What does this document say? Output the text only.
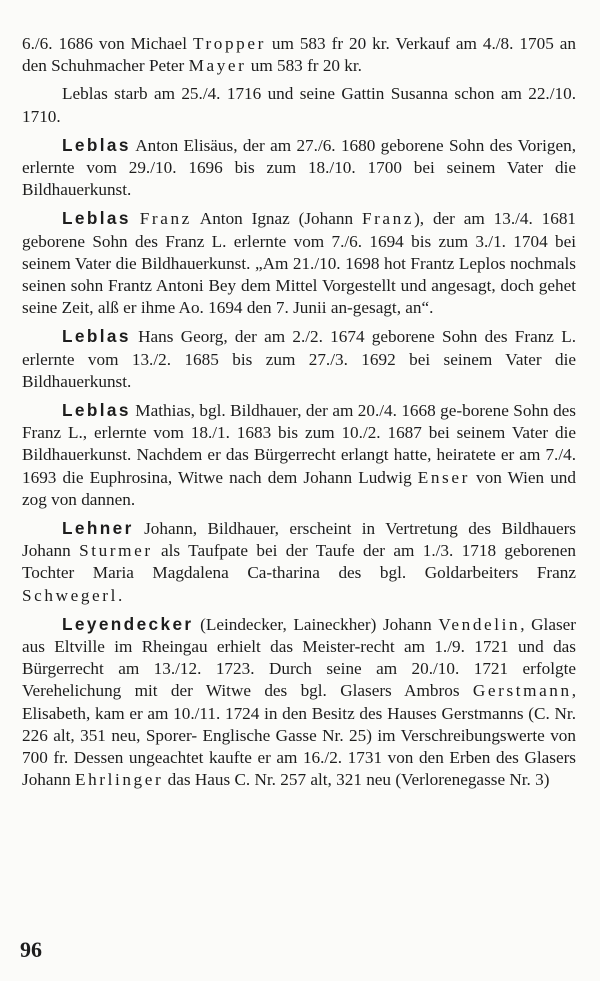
6./6. 1686 von Michael Tropper um 583 fr 20 kr. Verkauf am 4./8. 1705 an den Schuhmacher Peter Mayer um 583 fr 20 kr.

Leblas starb am 25./4. 1716 und seine Gattin Susanna schon am 22./10. 1710.

Leblas Anton Elisäus, der am 27./6. 1680 geborene Sohn des Vorigen, erlernte vom 29./10. 1696 bis zum 18./10. 1700 bei seinem Vater die Bildhauerkunst.

Leblas Franz Anton Ignaz (Johann Franz), der am 13./4. 1681 geborene Sohn des Franz L. erlernte vom 7./6. 1694 bis zum 3./1. 1704 bei seinem Vater die Bildhauerkunst. „Am 21./10. 1698 hot Frantz Leplos nochmals seinen sohn Frantz Antoni Bey dem Mittel Vorgestellt und angesagt, doch gehet seine Zeit, alß er ihme Ao. 1694 den 7. Junii an-gesagt, an“.

Leblas Hans Georg, der am 2./2. 1674 geborene Sohn des Franz L. erlernte vom 13./2. 1685 bis zum 27./3. 1692 bei seinem Vater die Bildhauerkunst.

Leblas Mathias, bgl. Bildhauer, der am 20./4. 1668 ge-borene Sohn des Franz L., erlernte vom 18./1. 1683 bis zum 10./2. 1687 bei seinem Vater die Bildhauerkunst. Nachdem er das Bürgerrecht erlangt hatte, heiratete er am 7./4. 1693 die Euphrosina, Witwe nach dem Johann Ludwig Enser von Wien und zog von dannen.

Lehner Johann, Bildhauer, erscheint in Vertretung des Bildhauers Johann Sturmer als Taufpate bei der Taufe der am 1./3. 1718 geborenen Tochter Maria Magdalena Ca-tharina des bgl. Goldarbeiters Franz Schwegerl.

Leyendecker (Leindecker, Laineckher) Johann Vendelin, Glaser aus Eltville im Rheingau erhielt das Meister-recht am 1./9. 1721 und das Bürgerrecht am 13./12. 1723. Durch seine am 20./10. 1721 erfolgte Verehelichung mit der Witwe des bgl. Glasers Ambros Gerstmann, Elisabeth, kam er am 10./11. 1724 in den Besitz des Hauses Gerstmanns (C. Nr. 226 alt, 351 neu, Sporer- Englische Gasse Nr. 25) im Verschreibungswerte von 700 fr. Dessen ungeachtet kaufte er am 16./2. 1731 von den Erben des Glasers Johann Ehrlinger das Haus C. Nr. 257 alt, 321 neu (Verlorenegasse Nr. 3)

96
